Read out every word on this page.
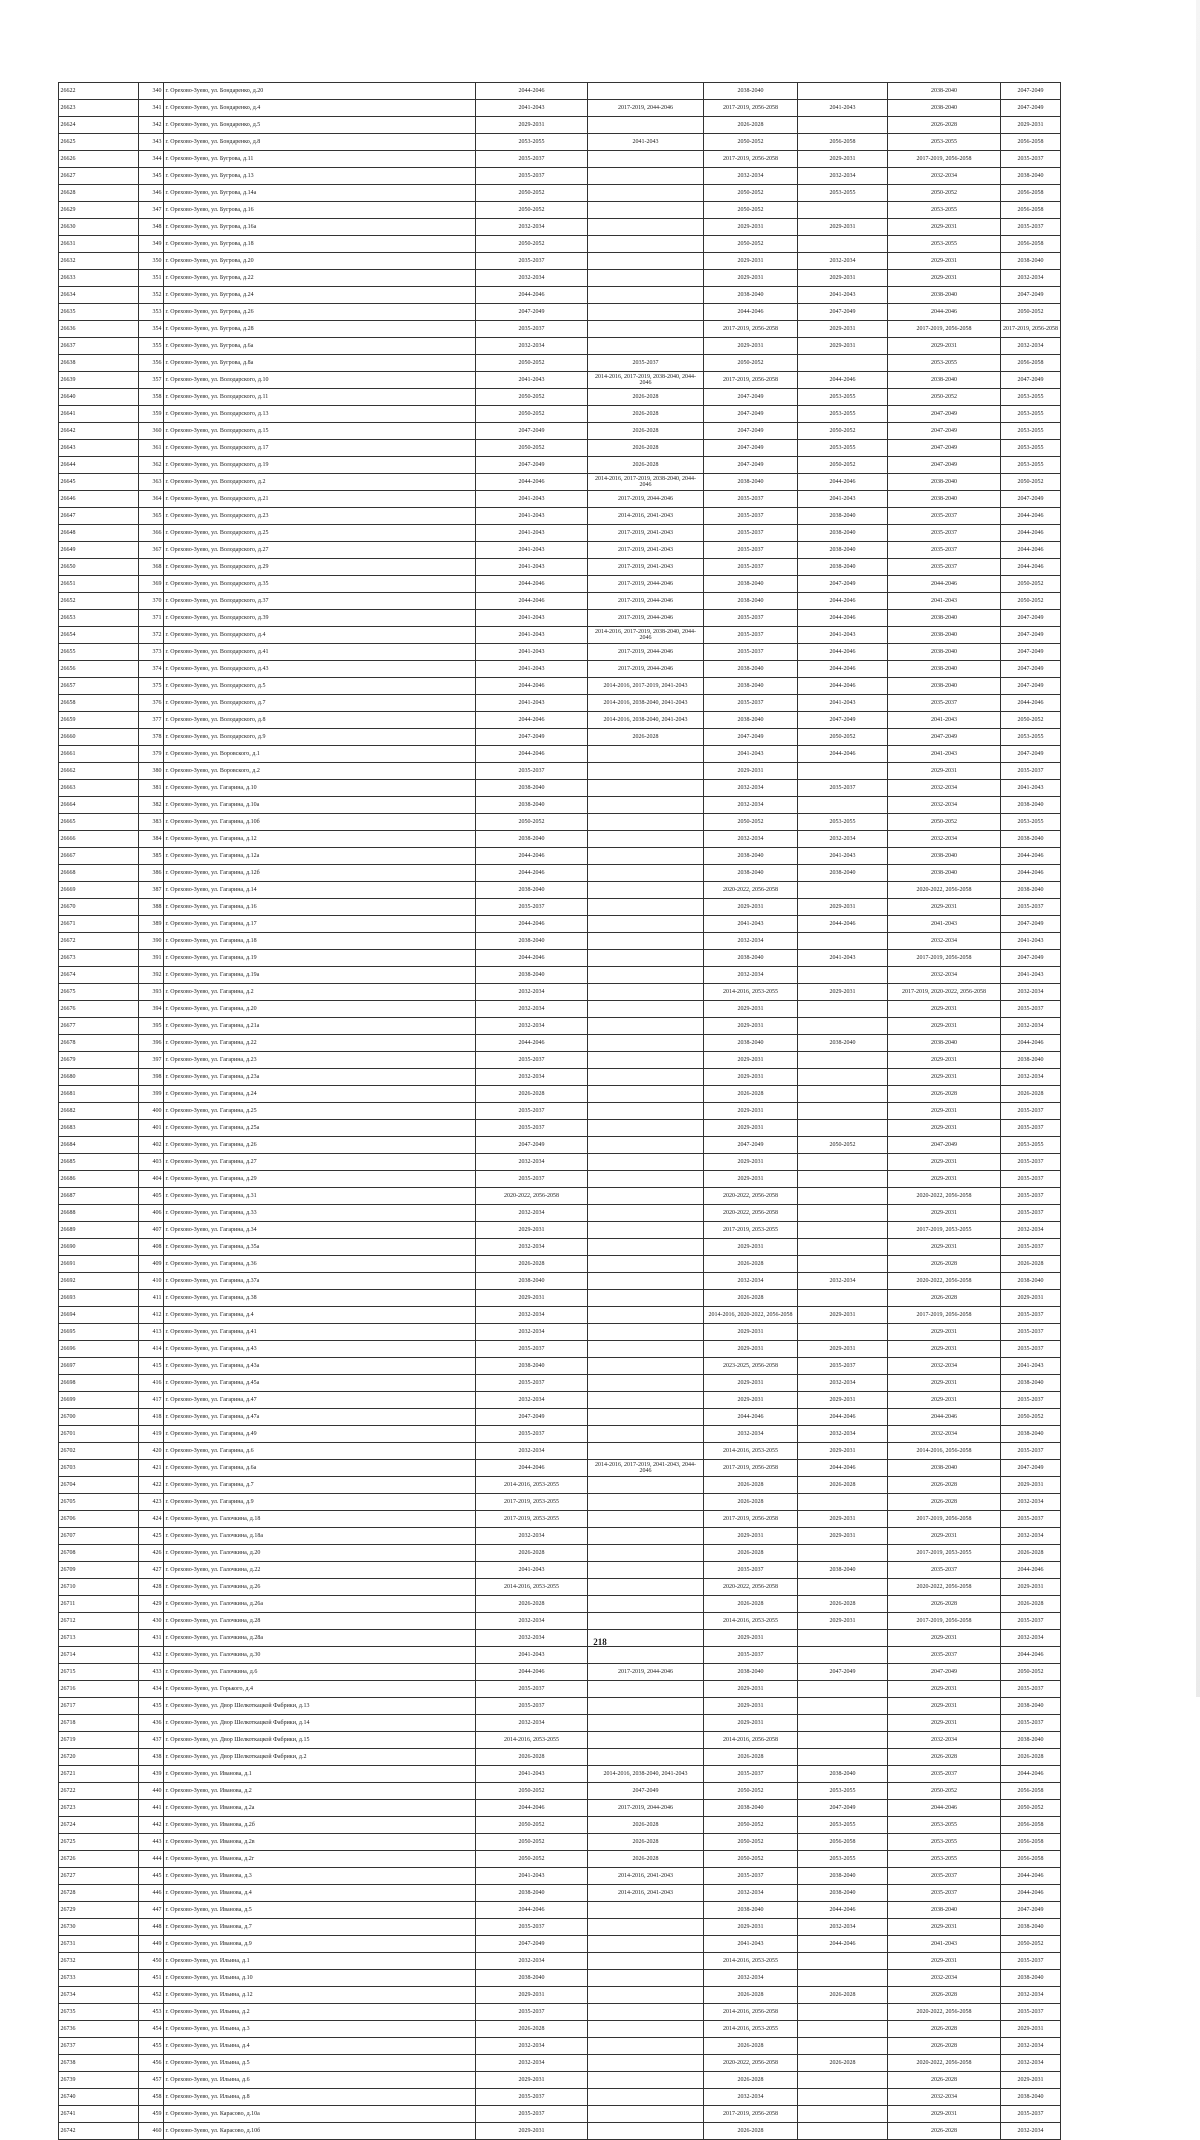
26622	340	г. Орехово-Зуево, ул. Бондаренко, д.20	2044-2046		2038-2040		2038-2040	2047-2049
26623	341	г. Орехово-Зуево, ул. Бондаренко, д.4	2041-2043	2017-2019, 2044-2046	2017-2019, 2056-2058	2041-2043	2038-2040	2047-2049
26624	342	г. Орехово-Зуево, ул. Бондаренко, д.5	2029-2031		2026-2028		2026-2028	2029-2031
26625	343	г. Орехово-Зуево, ул. Бондаренко, д.8	2053-2055	2041-2043	2050-2052	2056-2058	2053-2055	2056-2058
26626	344	г. Орехово-Зуево, ул. Бугрова, д.11	2035-2037		2017-2019, 2056-2058	2029-2031	2017-2019, 2056-2058	2035-2037
26627	345	г. Орехово-Зуево, ул. Бугрова, д.13	2035-2037		2032-2034	2032-2034	2032-2034	2038-2040
26628	346	г. Орехово-Зуево, ул. Бугрова, д.14а	2050-2052		2050-2052	2053-2055	2050-2052	2056-2058
26629	347	г. Орехово-Зуево, ул. Бугрова, д.16	2050-2052		2050-2052		2053-2055	2056-2058
26630	348	г. Орехово-Зуево, ул. Бугрова, д.16а	2032-2034		2029-2031	2029-2031	2029-2031	2035-2037
26631	349	г. Орехово-Зуево, ул. Бугрова, д.18	2050-2052		2050-2052		2053-2055	2056-2058
26632	350	г. Орехово-Зуево, ул. Бугрова, д.20	2035-2037		2029-2031	2032-2034	2029-2031	2038-2040
26633	351	г. Орехово-Зуево, ул. Бугрова, д.22	2032-2034		2029-2031	2029-2031	2029-2031	2032-2034
26634	352	г. Орехово-Зуево, ул. Бугрова, д.24	2044-2046		2038-2040	2041-2043	2038-2040	2047-2049
26635	353	г. Орехово-Зуево, ул. Бугрова, д.26	2047-2049		2044-2046	2047-2049	2044-2046	2050-2052
26636	354	г. Орехово-Зуево, ул. Бугрова, д.28	2035-2037		2017-2019, 2056-2058	2029-2031	2017-2019, 2056-2058	2017-2019, 2056-2058
26637	355	г. Орехово-Зуево, ул. Бугрова, д.6а	2032-2034		2029-2031	2029-2031	2029-2031	2032-2034
26638	356	г. Орехово-Зуево, ул. Бугрова, д.8а	2050-2052	2035-2037	2050-2052		2053-2055	2056-2058
26639	357	г. Орехово-Зуево, ул. Володарского, д.10	2041-2043	2014-2016, 2017-2019, 2038-2040, 2044-2046	2017-2019, 2056-2058	2044-2046	2038-2040	2047-2049
26640	358	г. Орехово-Зуево, ул. Володарского, д.11	2050-2052	2026-2028	2047-2049	2053-2055	2050-2052	2053-2055
26641	359	г. Орехово-Зуево, ул. Володарского, д.13	2050-2052	2026-2028	2047-2049	2053-2055	2047-2049	2053-2055
26642	360	г. Орехово-Зуево, ул. Володарского, д.15	2047-2049	2026-2028	2047-2049	2050-2052	2047-2049	2053-2055
26643	361	г. Орехово-Зуево, ул. Володарского, д.17	2050-2052	2026-2028	2047-2049	2053-2055	2047-2049	2053-2055
26644	362	г. Орехово-Зуево, ул. Володарского, д.19	2047-2049	2026-2028	2047-2049	2050-2052	2047-2049	2053-2055
26645	363	г. Орехово-Зуево, ул. Володарского, д.2	2044-2046	2014-2016, 2017-2019, 2038-2040, 2044-2046	2038-2040	2044-2046	2038-2040	2050-2052
26646	364	г. Орехово-Зуево, ул. Володарского, д.21	2041-2043	2017-2019, 2044-2046	2035-2037	2041-2043	2038-2040	2047-2049
26647	365	г. Орехово-Зуево, ул. Володарского, д.23	2041-2043	2014-2016, 2041-2043	2035-2037	2038-2040	2035-2037	2044-2046
26648	366	г. Орехово-Зуево, ул. Володарского, д.25	2041-2043	2017-2019, 2041-2043	2035-2037	2038-2040	2035-2037	2044-2046
26649	367	г. Орехово-Зуево, ул. Володарского, д.27	2041-2043	2017-2019, 2041-2043	2035-2037	2038-2040	2035-2037	2044-2046
26650	368	г. Орехово-Зуево, ул. Володарского, д.29	2041-2043	2017-2019, 2041-2043	2035-2037	2038-2040	2035-2037	2044-2046
26651	369	г. Орехово-Зуево, ул. Володарского, д.35	2044-2046	2017-2019, 2044-2046	2038-2040	2047-2049	2044-2046	2050-2052
26652	370	г. Орехово-Зуево, ул. Володарского, д.37	2044-2046	2017-2019, 2044-2046	2038-2040	2044-2046	2041-2043	2050-2052
26653	371	г. Орехово-Зуево, ул. Володарского, д.39	2041-2043	2017-2019, 2044-2046	2035-2037	2044-2046	2038-2040	2047-2049
26654	372	г. Орехово-Зуево, ул. Володарского, д.4	2041-2043	2014-2016, 2017-2019, 2038-2040, 2044-2046	2035-2037	2041-2043	2038-2040	2047-2049
26655	373	г. Орехово-Зуево, ул. Володарского, д.41	2041-2043	2017-2019, 2044-2046	2035-2037	2044-2046	2038-2040	2047-2049
26656	374	г. Орехово-Зуево, ул. Володарского, д.43	2041-2043	2017-2019, 2044-2046	2038-2040	2044-2046	2038-2040	2047-2049
26657	375	г. Орехово-Зуево, ул. Володарского, д.5	2044-2046	2014-2016, 2017-2019, 2041-2043	2038-2040	2044-2046	2038-2040	2047-2049
26658	376	г. Орехово-Зуево, ул. Володарского, д.7	2041-2043	2014-2016, 2038-2040, 2041-2043	2035-2037	2041-2043	2035-2037	2044-2046
26659	377	г. Орехово-Зуево, ул. Володарского, д.8	2044-2046	2014-2016, 2038-2040, 2041-2043	2038-2040	2047-2049	2041-2043	2050-2052
26660	378	г. Орехово-Зуево, ул. Володарского, д.9	2047-2049	2026-2028	2047-2049	2050-2052	2047-2049	2053-2055
26661	379	г. Орехово-Зуево, ул. Воровского, д.1	2044-2046		2041-2043	2044-2046	2041-2043	2047-2049
26662	380	г. Орехово-Зуево, ул. Воровского, д.2	2035-2037		2029-2031		2029-2031	2035-2037
26663	381	г. Орехово-Зуево, ул. Гагарина, д.10	2038-2040		2032-2034	2035-2037	2032-2034	2041-2043
26664	382	г. Орехово-Зуево, ул. Гагарина, д.10а	2038-2040		2032-2034		2032-2034	2038-2040
26665	383	г. Орехово-Зуево, ул. Гагарина, д.10б	2050-2052		2050-2052	2053-2055	2050-2052	2053-2055
26666	384	г. Орехово-Зуево, ул. Гагарина, д.12	2038-2040		2032-2034	2032-2034	2032-2034	2038-2040
26667	385	г. Орехово-Зуево, ул. Гагарина, д.12а	2044-2046		2038-2040	2041-2043	2038-2040	2044-2046
26668	386	г. Орехово-Зуево, ул. Гагарина, д.12б	2044-2046		2038-2040	2038-2040	2038-2040	2044-2046
26669	387	г. Орехово-Зуево, ул. Гагарина, д.14	2038-2040		2020-2022, 2056-2058		2020-2022, 2056-2058	2038-2040
26670	388	г. Орехово-Зуево, ул. Гагарина, д.16	2035-2037		2029-2031	2029-2031	2029-2031	2035-2037
26671	389	г. Орехово-Зуево, ул. Гагарина, д.17	2044-2046		2041-2043	2044-2046	2041-2043	2047-2049
26672	390	г. Орехово-Зуево, ул. Гагарина, д.18	2038-2040		2032-2034		2032-2034	2041-2043
26673	391	г. Орехово-Зуево, ул. Гагарина, д.19	2044-2046		2038-2040	2041-2043	2017-2019, 2056-2058	2047-2049
26674	392	г. Орехово-Зуево, ул. Гагарина, д.19а	2038-2040		2032-2034		2032-2034	2041-2043
26675	393	г. Орехово-Зуево, ул. Гагарина, д.2	2032-2034		2014-2016, 2053-2055	2029-2031	2017-2019, 2020-2022, 2056-2058	2032-2034
26676	394	г. Орехово-Зуево, ул. Гагарина, д.20	2032-2034		2029-2031		2029-2031	2035-2037
26677	395	г. Орехово-Зуево, ул. Гагарина, д.21а	2032-2034		2029-2031		2029-2031	2032-2034
26678	396	г. Орехово-Зуево, ул. Гагарина, д.22	2044-2046		2038-2040	2038-2040	2038-2040	2044-2046
26679	397	г. Орехово-Зуево, ул. Гагарина, д.23	2035-2037		2029-2031		2029-2031	2038-2040
26680	398	г. Орехово-Зуево, ул. Гагарина, д.23а	2032-2034		2029-2031		2029-2031	2032-2034
26681	399	г. Орехово-Зуево, ул. Гагарина, д.24	2026-2028		2026-2028		2026-2028	2026-2028
26682	400	г. Орехово-Зуево, ул. Гагарина, д.25	2035-2037		2029-2031		2029-2031	2035-2037
26683	401	г. Орехово-Зуево, ул. Гагарина, д.25а	2035-2037		2029-2031		2029-2031	2035-2037
26684	402	г. Орехово-Зуево, ул. Гагарина, д.26	2047-2049		2047-2049	2050-2052	2047-2049	2053-2055
26685	403	г. Орехово-Зуево, ул. Гагарина, д.27	2032-2034		2029-2031		2029-2031	2035-2037
26686	404	г. Орехово-Зуево, ул. Гагарина, д.29	2035-2037		2029-2031		2029-2031	2035-2037
26687	405	г. Орехово-Зуево, ул. Гагарина, д.31	2020-2022, 2056-2058		2020-2022, 2056-2058		2020-2022, 2056-2058	2035-2037
26688	406	г. Орехово-Зуево, ул. Гагарина, д.33	2032-2034		2020-2022, 2056-2058		2029-2031	2035-2037
26689	407	г. Орехово-Зуево, ул. Гагарина, д.34	2029-2031		2017-2019, 2053-2055		2017-2019, 2053-2055	2032-2034
26690	408	г. Орехово-Зуево, ул. Гагарина, д.35а	2032-2034		2029-2031		2029-2031	2035-2037
26691	409	г. Орехово-Зуево, ул. Гагарина, д.36	2026-2028		2026-2028		2026-2028	2026-2028
26692	410	г. Орехово-Зуево, ул. Гагарина, д.37а	2038-2040		2032-2034	2032-2034	2020-2022, 2056-2058	2038-2040
26693	411	г. Орехово-Зуево, ул. Гагарина, д.38	2029-2031		2026-2028		2026-2028	2029-2031
26694	412	г. Орехово-Зуево, ул. Гагарина, д.4	2032-2034		2014-2016, 2020-2022, 2056-2058	2029-2031	2017-2019, 2056-2058	2035-2037
26695	413	г. Орехово-Зуево, ул. Гагарина, д.41	2032-2034		2029-2031		2029-2031	2035-2037
26696	414	г. Орехово-Зуево, ул. Гагарина, д.43	2035-2037		2029-2031	2029-2031	2029-2031	2035-2037
26697	415	г. Орехово-Зуево, ул. Гагарина, д.43а	2038-2040		2023-2025, 2056-2058	2035-2037	2032-2034	2041-2043
26698	416	г. Орехово-Зуево, ул. Гагарина, д.45а	2035-2037		2029-2031	2032-2034	2029-2031	2038-2040
26699	417	г. Орехово-Зуево, ул. Гагарина, д.47	2032-2034		2029-2031	2029-2031	2029-2031	2035-2037
26700	418	г. Орехово-Зуево, ул. Гагарина, д.47а	2047-2049		2044-2046	2044-2046	2044-2046	2050-2052
26701	419	г. Орехово-Зуево, ул. Гагарина, д.49	2035-2037		2032-2034	2032-2034	2032-2034	2038-2040
26702	420	г. Орехово-Зуево, ул. Гагарина, д.6	2032-2034		2014-2016, 2053-2055	2029-2031	2014-2016, 2056-2058	2035-2037
26703	421	г. Орехово-Зуево, ул. Гагарина, д.6а	2044-2046	2014-2016, 2017-2019, 2041-2043, 2044-2046	2017-2019, 2056-2058	2044-2046	2038-2040	2047-2049
26704	422	г. Орехово-Зуево, ул. Гагарина, д.7	2014-2016, 2053-2055		2026-2028	2026-2028	2026-2028	2029-2031
26705	423	г. Орехово-Зуево, ул. Гагарина, д.9	2017-2019, 2053-2055		2026-2028		2026-2028	2032-2034
26706	424	г. Орехово-Зуево, ул. Галочкина, д.18	2017-2019, 2053-2055		2017-2019, 2056-2058	2029-2031	2017-2019, 2056-2058	2035-2037
26707	425	г. Орехово-Зуево, ул. Галочкина, д.18а	2032-2034		2029-2031	2029-2031	2029-2031	2032-2034
26708	426	г. Орехово-Зуево, ул. Галочкина, д.20	2026-2028		2026-2028		2017-2019, 2053-2055	2026-2028
26709	427	г. Орехово-Зуево, ул. Галочкина, д.22	2041-2043		2035-2037	2038-2040	2035-2037	2044-2046
26710	428	г. Орехово-Зуево, ул. Галочкина, д.26	2014-2016, 2053-2055		2020-2022, 2056-2058		2020-2022, 2056-2058	2029-2031
26711	429	г. Орехово-Зуево, ул. Галочкина, д.26а	2026-2028		2026-2028	2026-2028	2026-2028	2026-2028
26712	430	г. Орехово-Зуево, ул. Галочкина, д.28	2032-2034		2014-2016, 2053-2055	2029-2031	2017-2019, 2056-2058	2035-2037
26713	431	г. Орехово-Зуево, ул. Галочкина, д.28а	2032-2034		2029-2031		2029-2031	2032-2034
26714	432	г. Орехово-Зуево, ул. Галочкина, д.30	2041-2043		2035-2037		2035-2037	2044-2046
26715	433	г. Орехово-Зуево, ул. Галочкина, д.6	2044-2046	2017-2019, 2044-2046	2038-2040	2047-2049	2047-2049	2050-2052
26716	434	г. Орехово-Зуево, ул. Горького, д.4	2035-2037		2029-2031		2029-2031	2035-2037
26717	435	г. Орехово-Зуево, ул. Двор Шелкоткацкой Фабрики, д.13	2035-2037		2029-2031		2029-2031	2038-2040
26718	436	г. Орехово-Зуево, ул. Двор Шелкоткацкой Фабрики, д.14	2032-2034		2029-2031		2029-2031	2035-2037
26719	437	г. Орехово-Зуево, ул. Двор Шелкоткацкой Фабрики, д.15	2014-2016, 2053-2055		2014-2016, 2056-2058		2032-2034	2038-2040
26720	438	г. Орехово-Зуево, ул. Двор Шелкоткацкой Фабрики, д.2	2026-2028		2026-2028		2026-2028	2026-2028
26721	439	г. Орехово-Зуево, ул. Иванова, д.1	2041-2043	2014-2016, 2038-2040, 2041-2043	2035-2037	2038-2040	2035-2037	2044-2046
26722	440	г. Орехово-Зуево, ул. Иванова, д.2	2050-2052	2047-2049	2050-2052	2053-2055	2050-2052	2056-2058
26723	441	г. Орехово-Зуево, ул. Иванова, д.2а	2044-2046	2017-2019, 2044-2046	2038-2040	2047-2049	2044-2046	2050-2052
26724	442	г. Орехово-Зуево, ул. Иванова, д.2б	2050-2052	2026-2028	2050-2052	2053-2055	2053-2055	2056-2058
26725	443	г. Орехово-Зуево, ул. Иванова, д.2в	2050-2052	2026-2028	2050-2052	2056-2058	2053-2055	2056-2058
26726	444	г. Орехово-Зуево, ул. Иванова, д.2г	2050-2052	2026-2028	2050-2052	2053-2055	2053-2055	2056-2058
26727	445	г. Орехово-Зуево, ул. Иванова, д.3	2041-2043	2014-2016, 2041-2043	2035-2037	2038-2040	2035-2037	2044-2046
26728	446	г. Орехово-Зуево, ул. Иванова, д.4	2038-2040	2014-2016, 2041-2043	2032-2034	2038-2040	2035-2037	2044-2046
26729	447	г. Орехово-Зуево, ул. Иванова, д.5	2044-2046		2038-2040	2044-2046	2038-2040	2047-2049
26730	448	г. Орехово-Зуево, ул. Иванова, д.7	2035-2037		2029-2031	2032-2034	2029-2031	2038-2040
26731	449	г. Орехово-Зуево, ул. Иванова, д.9	2047-2049		2041-2043	2044-2046	2041-2043	2050-2052
26732	450	г. Орехово-Зуево, ул. Ильина, д.1	2032-2034		2014-2016, 2053-2055		2029-2031	2035-2037
26733	451	г. Орехово-Зуево, ул. Ильина, д.10	2038-2040		2032-2034		2032-2034	2038-2040
26734	452	г. Орехово-Зуево, ул. Ильина, д.12	2029-2031		2026-2028	2026-2028	2026-2028	2032-2034
26735	453	г. Орехово-Зуево, ул. Ильина, д.2	2035-2037		2014-2016, 2056-2058		2020-2022, 2056-2058	2035-2037
26736	454	г. Орехово-Зуево, ул. Ильина, д.3	2026-2028		2014-2016, 2053-2055		2026-2028	2029-2031
26737	455	г. Орехово-Зуево, ул. Ильина, д.4	2032-2034		2026-2028		2026-2028	2032-2034
26738	456	г. Орехово-Зуево, ул. Ильина, д.5	2032-2034		2020-2022, 2056-2058	2026-2028	2020-2022, 2056-2058	2032-2034
26739	457	г. Орехово-Зуево, ул. Ильина, д.6	2029-2031		2026-2028		2026-2028	2029-2031
26740	458	г. Орехово-Зуево, ул. Ильина, д.8	2035-2037		2032-2034		2032-2034	2038-2040
26741	459	г. Орехово-Зуево, ул. Карасово, д.10а	2035-2037		2017-2019, 2056-2058		2029-2031	2035-2037
26742	460	г. Орехово-Зуево, ул. Карасово, д.10б	2029-2031		2026-2028		2026-2028	2032-2034
218
